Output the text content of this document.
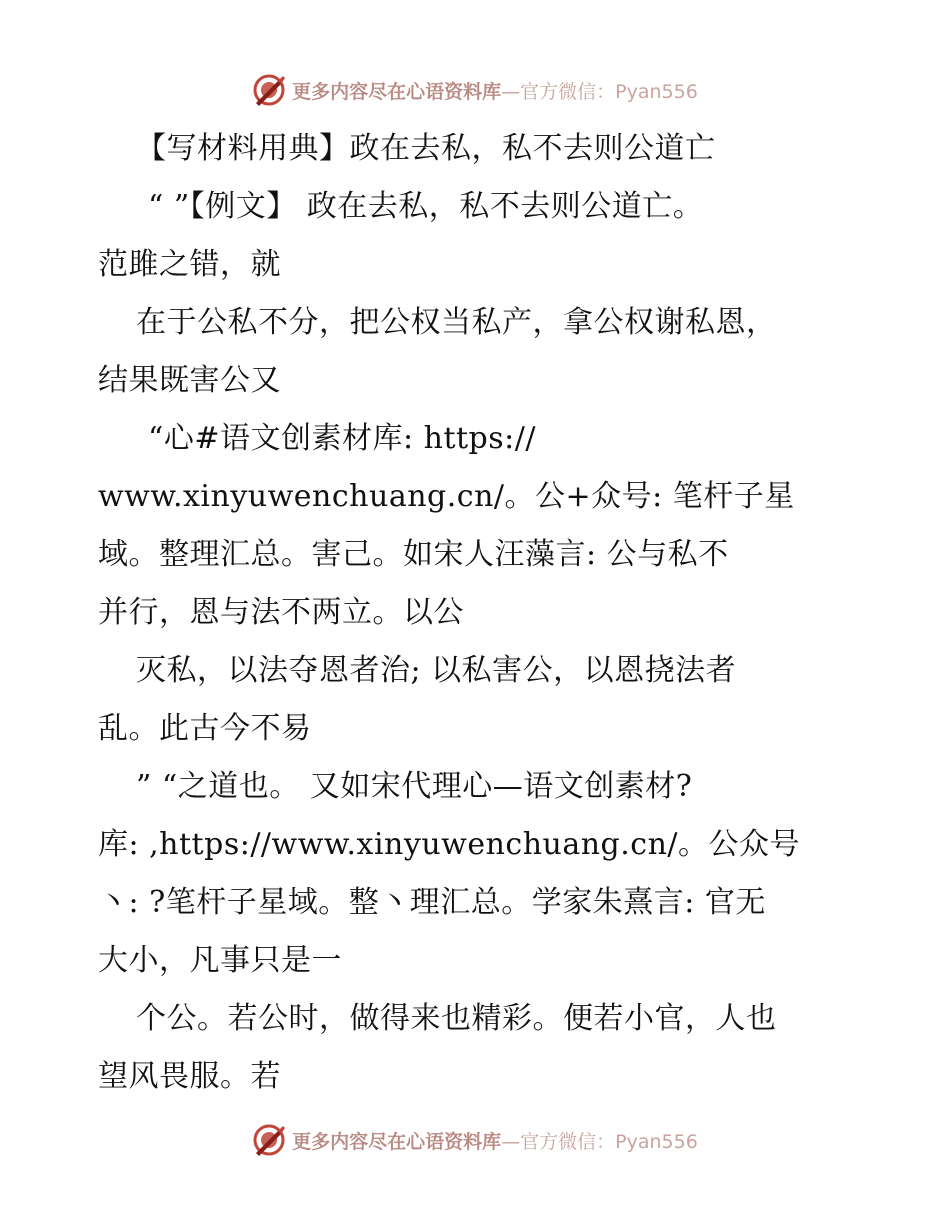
更多内容尽在心语资料库—官方微信：Pyan556
【写材料用典】政在去私，私不去则公道亡
“ ”【例文】 政在去私，私不去则公道亡。
范雎之错，就
在于公私不分，把公权当私产，拿公权谢私恩，
结果既害公又
“心#语文创素材库: https://
www.xinyuwenchuang.cn/。公+众号: 笔杆子星
域。整理汇总。害己。如宋人汪藻言: 公与私不
并行，恩与法不两立。以公
灭私，以法夺恩者治; 以私害公，以恩挠法者
乱。此古今不易
” “之道也。 又如宋代理心—语文创素材?
库: ,https://www.xinyuwenchuang.cn/。公众号
丶: ?笔杆子星域。整丶理汇总。学家朱熹言: 官无
大小，凡事只是一
个公。若公时，做得来也精彩。便若小官，人也
望风畏服。若
更多内容尽在心语资料库—官方微信：Pyan556
